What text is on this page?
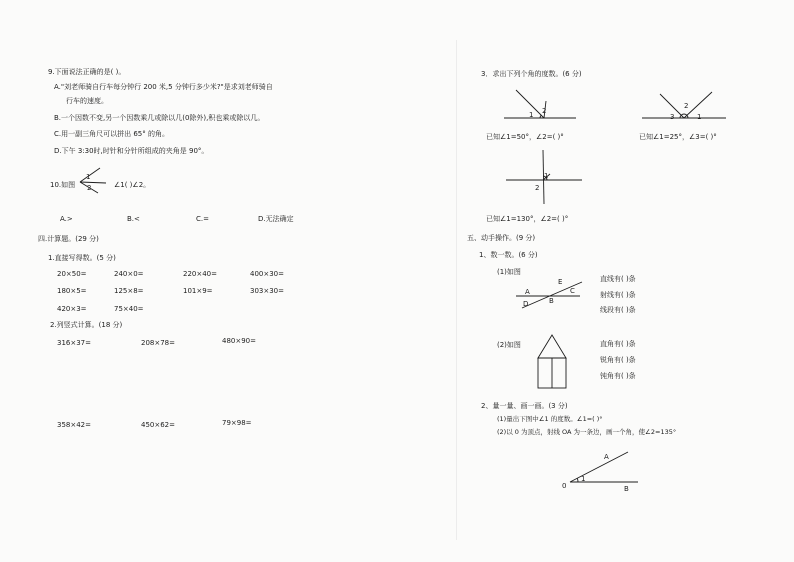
9.下面说法正确的是( )。
A."刘老师骑自行车每分钟行 200 米,5 分钟行多少米?"是求刘老师骑自
行车的速度。
B.一个因数不变,另一个因数乘几或除以几(0除外),积也乘或除以几。
C.用一副三角尺可以拼出 65° 的角。
D.下午 3:30时,时针和分针所组成的夹角是 90°。
10.如图
1
2	∠1( )∠2。
A.>	B.<	C.=	D.无法确定
四.计算题。(29 分)
1.直接写得数。(5 分)
20×50=	240×0=	220×40=	400×30=
180×5=	125×8=	101×9=	303×30=
420×3=	75×40=
2.列竖式计算。(18 分)
316×37=	208×78=	480×90=
358×42=	450×62=	79×98=
3．求出下列个角的度数。(6 分)
1 2
已知∠1=50°，∠2=( )°
2
3	1
已知∠1=25°，∠3=( )°
1
2
已知∠1=130°，∠2=( )°
五、动手操作。(9 分)
1、数一数。(6 分)
(1)如图
A
B
C
D
E	直线有( )条
射线有( )条
线段有( )条
(2)如图	直角有( )条
锐角有( )条
钝角有( )条
2、量一量、画一画。(3 分)
(1)量出下图中∠1 的度数。∠1=( )°
(2)以 0 为顶点，射线 OA 为一条边，画一个角，使∠2=135°
A
0	B
1
